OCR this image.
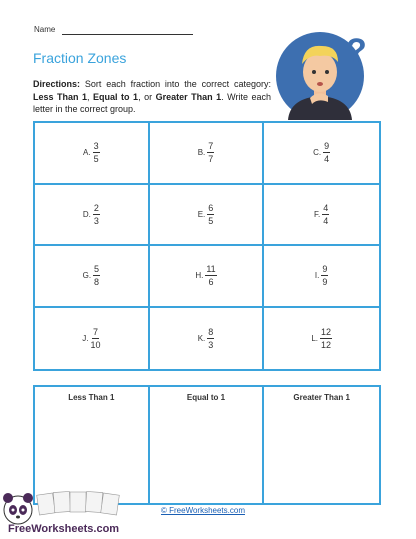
Name
Fraction Zones
Directions: Sort each fraction into the correct category: Less Than 1, Equal to 1, or Greater Than 1. Write each letter in the correct group.
?
A. $\frac{3}{5}$	B. $\frac{7}{7}$	C. $\frac{9}{4}$
D. $\frac{2}{3}$	E. $\frac{6}{5}$	F. $\frac{4}{4}$
G. $\frac{5}{8}$	H. $\frac{11}{6}$	I. $\frac{9}{9}$
J. $\frac{7}{10}$	K. $\frac{8}{3}$	L. $\frac{12}{12}$
Less Than 1	Equal to 1	Greater Than 1
FreeWorksheets.com
© FreeWorksheets.com
